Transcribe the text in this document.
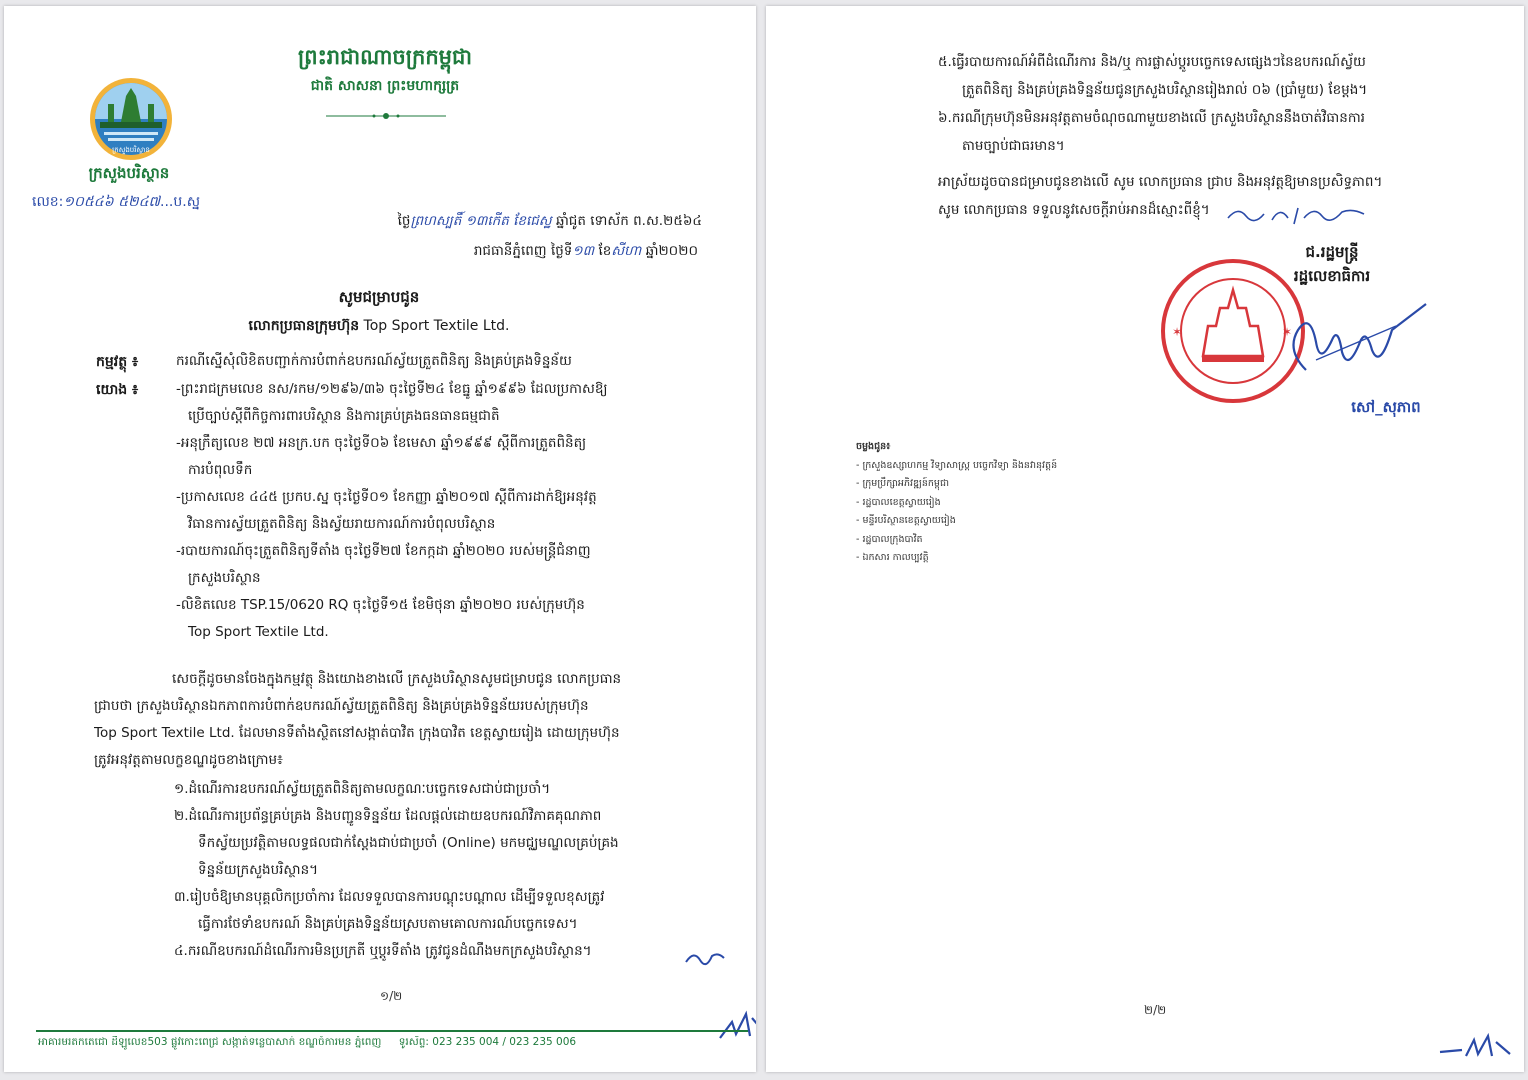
ព្រះរាជាណាចក្រកម្ពុជា
ជាតិ សាសនា ព្រះមហាក្សត្រ
ក្រសួងបរិស្ថាន
ក្រសួងបរិស្ថាន
លេខ:១០៥៤៦ ៥២៤៧...ប.ស្ន
ថ្ងៃព្រហស្បតិ៍ ១៣កើត ខែជេស្ឋ ឆ្នាំជូត ទោស័ក ព.ស.២៥៦៤
រាជធានីភ្នំពេញ ថ្ងៃទី១៣ ខែសីហា ឆ្នាំ២០២០
សូមជម្រាបជូន
លោកប្រធានក្រុមហ៊ុន Top Sport Textile Ltd.
កម្មវត្ថុ ៖	ករណីស្នើសុំលិខិតបញ្ជាក់ការបំពាក់ឧបករណ៍ស្វ័យត្រួតពិនិត្យ និងគ្រប់គ្រងទិន្នន័យ
យោង ៖	-ព្រះរាជក្រមលេខ នស/រកម/១២៩៦/៣៦ ចុះថ្ងៃទី២៤ ខែធ្នូ ឆ្នាំ១៩៩៦ ដែលប្រកាសឱ្យ
ប្រើច្បាប់ស្តីពីកិច្ចការពារបរិស្ថាន និងការគ្រប់គ្រងធនធានធម្មជាតិ
-អនុក្រឹត្យលេខ ២៧ អនក្រ.បក ចុះថ្ងៃទី០៦ ខែមេសា ឆ្នាំ១៩៩៩ ស្តីពីការត្រួតពិនិត្យ
ការបំពុលទឹក
-ប្រកាសលេខ ៤៤៥ ប្រកប.ស្ន ចុះថ្ងៃទី០១ ខែកញ្ញា ឆ្នាំ២០១៧ ស្តីពីការដាក់ឱ្យអនុវត្ត
វិធានការស្វ័យត្រួតពិនិត្យ និងស្វ័យរាយការណ៍ការបំពុលបរិស្ថាន
-របាយការណ៍ចុះត្រួតពិនិត្យទីតាំង ចុះថ្ងៃទី២៧ ខែកក្កដា ឆ្នាំ២០២០ របស់មន្ត្រីជំនាញ
ក្រសួងបរិស្ថាន
-លិខិតលេខ TSP.15/0620 RQ ចុះថ្ងៃទី១៥ ខែមិថុនា ឆ្នាំ២០២០ របស់ក្រុមហ៊ុន
Top Sport Textile Ltd.
សេចក្តីដូចមានចែងក្នុងកម្មវត្ថុ និងយោងខាងលើ ក្រសួងបរិស្ថានសូមជម្រាបជូន លោកប្រធាន
ជ្រាបថា ក្រសួងបរិស្ថានឯកភាពការបំពាក់ឧបករណ៍ស្វ័យត្រួតពិនិត្យ និងគ្រប់គ្រងទិន្នន័យរបស់ក្រុមហ៊ុន
Top Sport Textile Ltd. ដែលមានទីតាំងស្ថិតនៅសង្កាត់បាវិត ក្រុងបាវិត ខេត្តស្វាយរៀង ដោយក្រុមហ៊ុន
ត្រូវអនុវត្តតាមលក្ខខណ្ឌដូចខាងក្រោម៖
១.ដំណើរការឧបករណ៍ស្វ័យត្រួតពិនិត្យតាមលក្ខណៈបច្ចេកទេសជាប់ជាប្រចាំ។
២.ដំណើរការប្រព័ន្ធគ្រប់គ្រង និងបញ្ជូនទិន្នន័យ ដែលផ្តល់ដោយឧបករណ៍វិភាគគុណភាព
ទឹកស្វ័យប្រវត្តិតាមលទ្ធផលជាក់ស្តែងជាប់ជាប្រចាំ (Online) មកមជ្ឈមណ្ឌលគ្រប់គ្រង
ទិន្នន័យក្រសួងបរិស្ថាន។
៣.រៀបចំឱ្យមានបុគ្គលិកប្រចាំការ ដែលទទួលបានការបណ្តុះបណ្តាល ដើម្បីទទួលខុសត្រូវ
ធ្វើការថែទាំឧបករណ៍ និងគ្រប់គ្រងទិន្នន័យស្របតាមគោលការណ៍បច្ចេកទេស។
៤.ករណីឧបករណ៍ដំណើរការមិនប្រក្រតី ឬប្តូរទីតាំង ត្រូវជូនដំណឹងមកក្រសួងបរិស្ថាន។
១/២
អាគារមរតកតេជោ ដីឡូលេខ503 ផ្លូវកោះពេជ្រ សង្កាត់ទន្លេបាសាក់ ខណ្ឌចំការមន ភ្នំពេញ ទូរស័ព្ទ: 023 235 004 / 023 235 006
៥.ធ្វើរបាយការណ៍អំពីដំណើរការ និង/ឬ ការផ្លាស់ប្តូរបច្ចេកទេសផ្សេងៗនៃឧបករណ៍ស្វ័យ
ត្រួតពិនិត្យ និងគ្រប់គ្រងទិន្នន័យជូនក្រសួងបរិស្ថានរៀងរាល់ ០៦ (ប្រាំមួយ) ខែម្តង។
៦.ករណីក្រុមហ៊ុនមិនអនុវត្តតាមចំណុចណាមួយខាងលើ ក្រសួងបរិស្ថាននឹងចាត់វិធានការ
តាមច្បាប់ជាធរមាន។
អាស្រ័យដូចបានជម្រាបជូនខាងលើ សូម លោកប្រធាន ជ្រាប និងអនុវត្តឱ្យមានប្រសិទ្ធភាព។
សូម លោកប្រធាន ទទួលនូវសេចក្តីរាប់អានដ៏ស្មោះពីខ្ញុំ។
ជ.រដ្ឋមន្ត្រី
រដ្ឋលេខាធិការ
✶	✶
សៅ_សុភាព
ចម្លងជូន៖
- ក្រសួងឧស្សាហកម្ម វិទ្យាសាស្ត្រ បច្ចេកវិទ្យា និងនវានុវត្តន៍
- ក្រុមប្រឹក្សាអភិវឌ្ឍន៍កម្ពុជា
- រដ្ឋបាលខេត្តស្វាយរៀង
- មន្ទីរបរិស្ថានខេត្តស្វាយរៀង
- រដ្ឋបាលក្រុងបាវិត
- ឯកសារ កាលប្បវត្តិ
២/២
